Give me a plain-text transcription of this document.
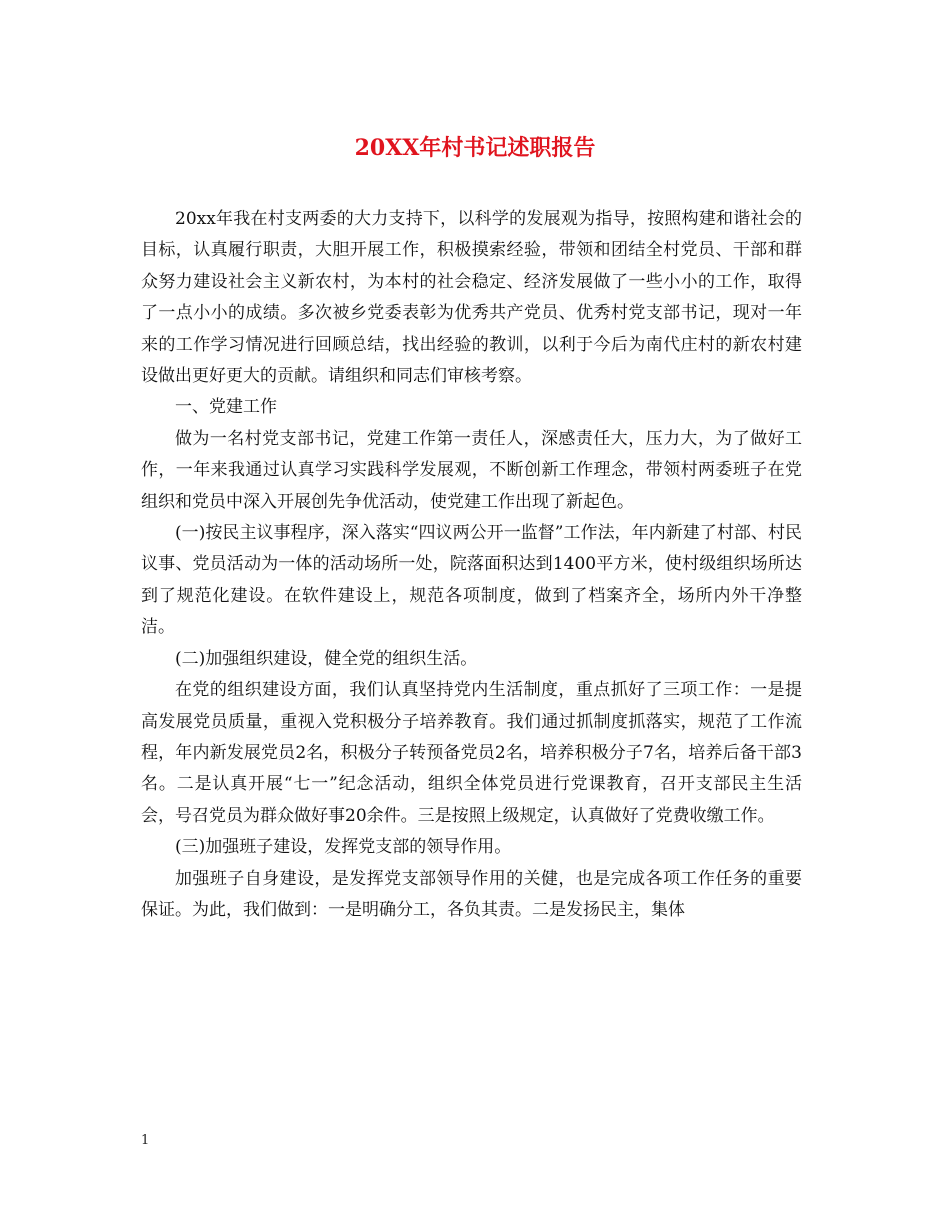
20XX年村书记述职报告

20xx年我在村支两委的大力支持下，以科学的发展观为指导，按照构建和谐社会的目标，认真履行职责，大胆开展工作，积极摸索经验，带领和团结全村党员、干部和群众努力建设社会主义新农村，为本村的社会稳定、经济发展做了一些小小的工作，取得了一点小小的成绩。多次被乡党委表彰为优秀共产党员、优秀村党支部书记，现对一年来的工作学习情况进行回顾总结，找出经验的教训，以利于今后为南代庄村的新农村建设做出更好更大的贡献。请组织和同志们审核考察。

一、党建工作

做为一名村党支部书记，党建工作第一责任人，深感责任大，压力大，为了做好工作，一年来我通过认真学习实践科学发展观，不断创新工作理念，带领村两委班子在党组织和党员中深入开展创先争优活动，使党建工作出现了新起色。

(一)按民主议事程序，深入落实“四议两公开一监督”工作法，年内新建了村部、村民议事、党员活动为一体的活动场所一处，院落面积达到1400平方米，使村级组织场所达到了规范化建设。在软件建设上，规范各项制度，做到了档案齐全，场所内外干净整洁。

(二)加强组织建设，健全党的组织生活。

在党的组织建设方面，我们认真坚持党内生活制度，重点抓好了三项工作：一是提高发展党员质量，重视入党积极分子培养教育。我们通过抓制度抓落实，规范了工作流程，年内新发展党员2名，积极分子转预备党员2名，培养积极分子7名，培养后备干部3名。二是认真开展“七一”纪念活动，组织全体党员进行党课教育，召开支部民主生活会，号召党员为群众做好事20余件。三是按照上级规定，认真做好了党费收缴工作。

(三)加强班子建设，发挥党支部的领导作用。

加强班子自身建设，是发挥党支部领导作用的关健，也是完成各项工作任务的重要保证。为此，我们做到：一是明确分工，各负其责。二是发扬民主，集体

1
